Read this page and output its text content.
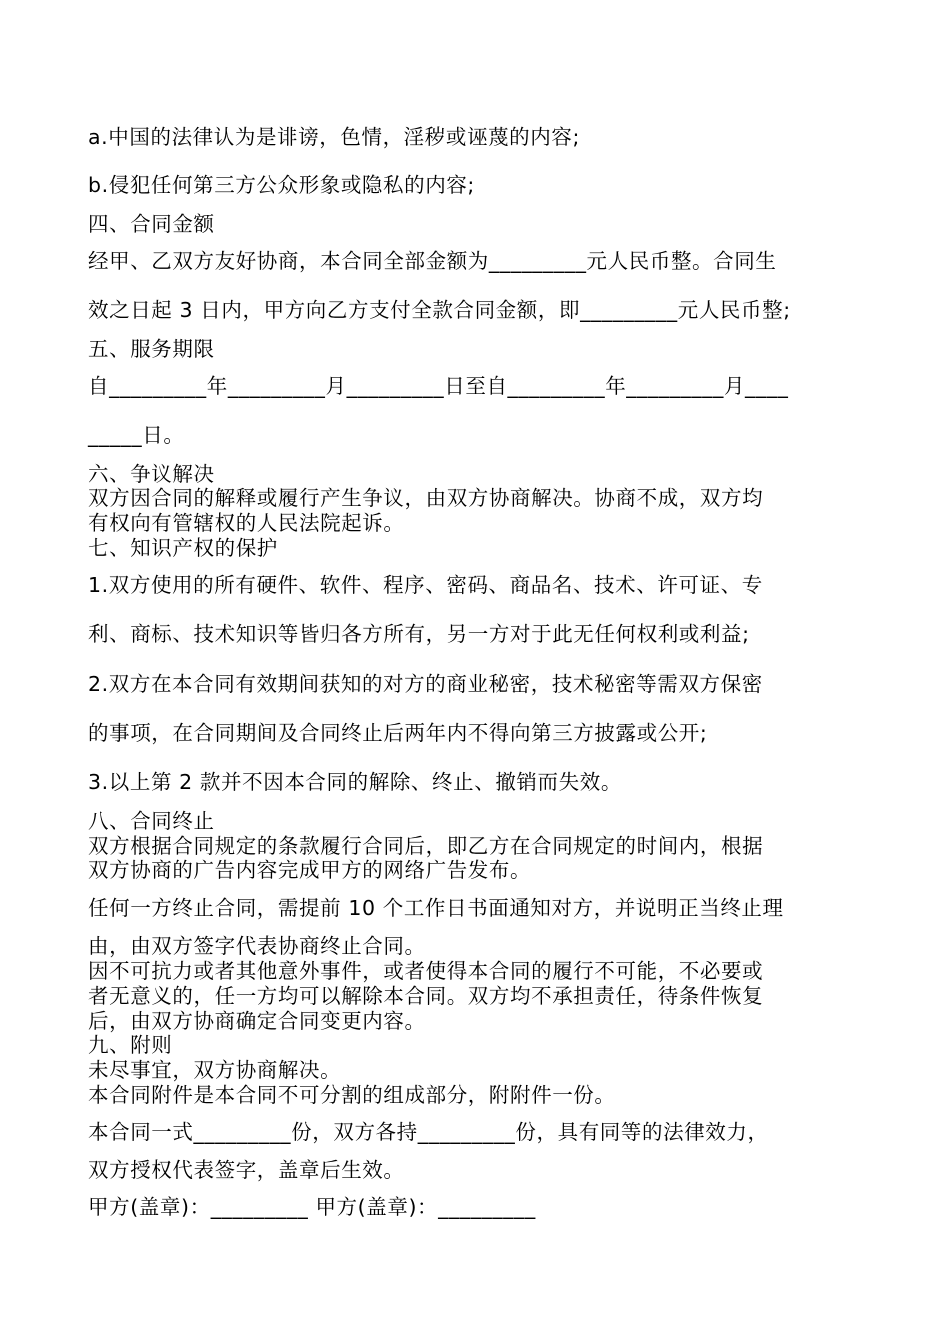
a.中国的法律认为是诽谤，色情，淫秽或诬蔑的内容;
b.侵犯任何第三方公众形象或隐私的内容;
四、合同金额
经甲、乙双方友好协商，本合同全部金额为_________元人民币整。合同生
效之日起 3 日内，甲方向乙方支付全款合同金额，即_________元人民币整;
五、服务期限
自_________年_________月_________日至自_________年_________月____
_____日。
六、争议解决
双方因合同的解释或履行产生争议，由双方协商解决。协商不成，双方均
有权向有管辖权的人民法院起诉。
七、知识产权的保护
1.双方使用的所有硬件、软件、程序、密码、商品名、技术、许可证、专
利、商标、技术知识等皆归各方所有，另一方对于此无任何权利或利益;
2.双方在本合同有效期间获知的对方的商业秘密，技术秘密等需双方保密
的事项，在合同期间及合同终止后两年内不得向第三方披露或公开;
3.以上第 2 款并不因本合同的解除、终止、撤销而失效。
八、合同终止
双方根据合同规定的条款履行合同后，即乙方在合同规定的时间内，根据
双方协商的广告内容完成甲方的网络广告发布。
任何一方终止合同，需提前 10 个工作日书面通知对方，并说明正当终止理
由，由双方签字代表协商终止合同。
因不可抗力或者其他意外事件，或者使得本合同的履行不可能，不必要或
者无意义的，任一方均可以解除本合同。双方均不承担责任，待条件恢复
后，由双方协商确定合同变更内容。
九、附则
未尽事宜，双方协商解决。
本合同附件是本合同不可分割的组成部分，附附件一份。
本合同一式_________份，双方各持_________份，具有同等的法律效力，
双方授权代表签字，盖章后生效。
甲方(盖章)：_________ 甲方(盖章)：_________
